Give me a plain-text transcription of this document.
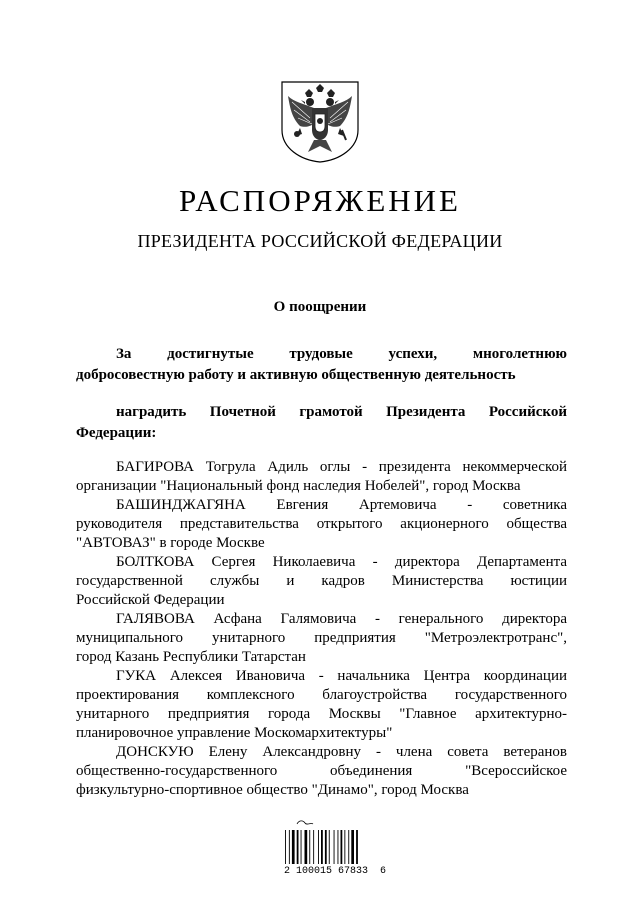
РАСПОРЯЖЕНИЕ
ПРЕЗИДЕНТА РОССИЙСКОЙ ФЕДЕРАЦИИ
О поощрении
За достигнутые трудовые успехи, многолетнюю
добросовестную работу и активную общественную деятельность
наградить Почетной грамотой Президента Российской
Федерации:
БАГИРОВА Тогрула Адиль оглы - президента некоммерческой
организации "Национальный фонд наследия Нобелей", город Москва
БАШИНДЖАГЯНА Евгения Артемовича - советника
руководителя представительства открытого акционерного общества
"АВТОВАЗ" в городе Москве
БОЛТКОВА Сергея Николаевича - директора Департамента
государственной службы и кадров Министерства юстиции
Российской Федерации
ГАЛЯВОВА Асфана Галямовича - генерального директора
муниципального унитарного предприятия "Метроэлектротранс",
город Казань Республики Татарстан
ГУКА Алексея Ивановича - начальника Центра координации
проектирования комплексного благоустройства государственного
унитарного предприятия города Москвы "Главное архитектурно-
планировочное управление Москомархитектуры"
ДОНСКУЮ Елену Александровну - члена совета ветеранов
общественно-государственного объединения "Всероссийское
физкультурно-спортивное общество "Динамо", город Москва
2 100015 67833  6
